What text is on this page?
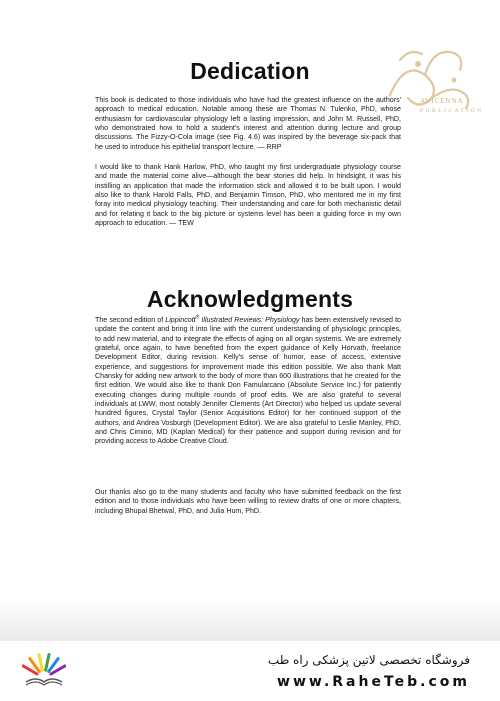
AVICENNA
PUBLICATION
Dedication

This book is dedicated to those individuals who have had the greatest influence on the authors' approach to medical education. Notable among these are Thomas N. Tulenko, PhD, whose enthusiasm for cardiovascular physiology left a lasting impression, and John M. Russell, PhD, who demonstrated how to hold a student's interest and attention during lecture and group discussions. The Fizzy-O-Cola image (see Fig. 4.6) was inspired by the beverage six-pack that he used to introduce his epithelial transport lecture. — RRP

I would like to thank Hank Harlow, PhD, who taught my first undergraduate physiology course and made the material come alive—although the bear stories did help. In hindsight, it was his instilling an application that made the information stick and allowed it to be built upon. I would also like to thank Harold Falls, PhD, and Benjamin Timson, PhD, who mentored me in my first foray into medical physiology teaching. Their understanding and care for both mechanistic detail and for relating it back to the big picture or systems level has been a guiding force in my own approach to education. — TEW

Acknowledgments

The second edition of Lippincott® Illustrated Reviews: Physiology has been extensively revised to update the content and bring it into line with the current understanding of physiologic principles, to add new material, and to integrate the effects of aging on all organ systems. We are extremely grateful, once again, to have benefited from the expert guidance of Kelly Horvath, freelance Development Editor, during revision. Kelly's sense of humor, ease of access, extensive experience, and suggestions for improvement made this edition possible. We also thank Matt Chansky for adding new artwork to the body of more than 600 illustrations that he created for the first edition. We would also like to thank Don Famularcano (Absolute Service Inc.) for patiently executing changes during multiple rounds of proof edits. We are also grateful to several individuals at LWW, most notably Jennifer Clements (Art Director) who helped us update several hundred figures, Crystal Taylor (Senior Acquisitions Editor) for her continued support of the authors, and Andrea Vosburgh (Development Editor). We are also grateful to Leslie Manley, PhD, and Chris Cimino, MD (Kaplan Medical) for their patience and support during revision and for providing access to Adobe Creative Cloud.

Our thanks also go to the many students and faculty who have submitted feedback on the first edition and to those individuals who have been willing to review drafts of one or more chapters, including Bhupal Bhetwal, PhD, and Julia Hum, PhD.

فروشگاه تخصصی لاتین پزشکی راه طب
www.RaheTeb.com
